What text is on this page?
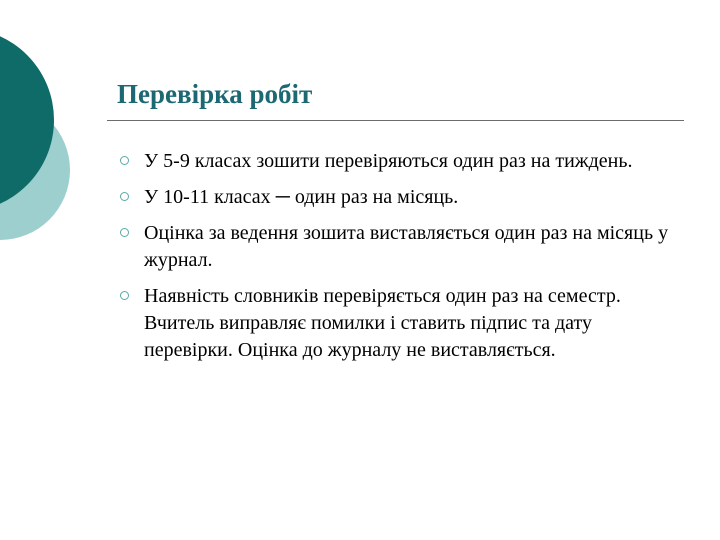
Перевірка робіт
У 5-9 класах зошити перевіряються один раз на тиждень.
У 10-11 класах ─ один раз на місяць.
Оцінка за ведення зошита виставляється один раз на місяць у журнал.
Наявність словників перевіряється один раз на семестр. Вчитель виправляє помилки і ставить підпис та дату перевірки. Оцінка до журналу не виставляється.
